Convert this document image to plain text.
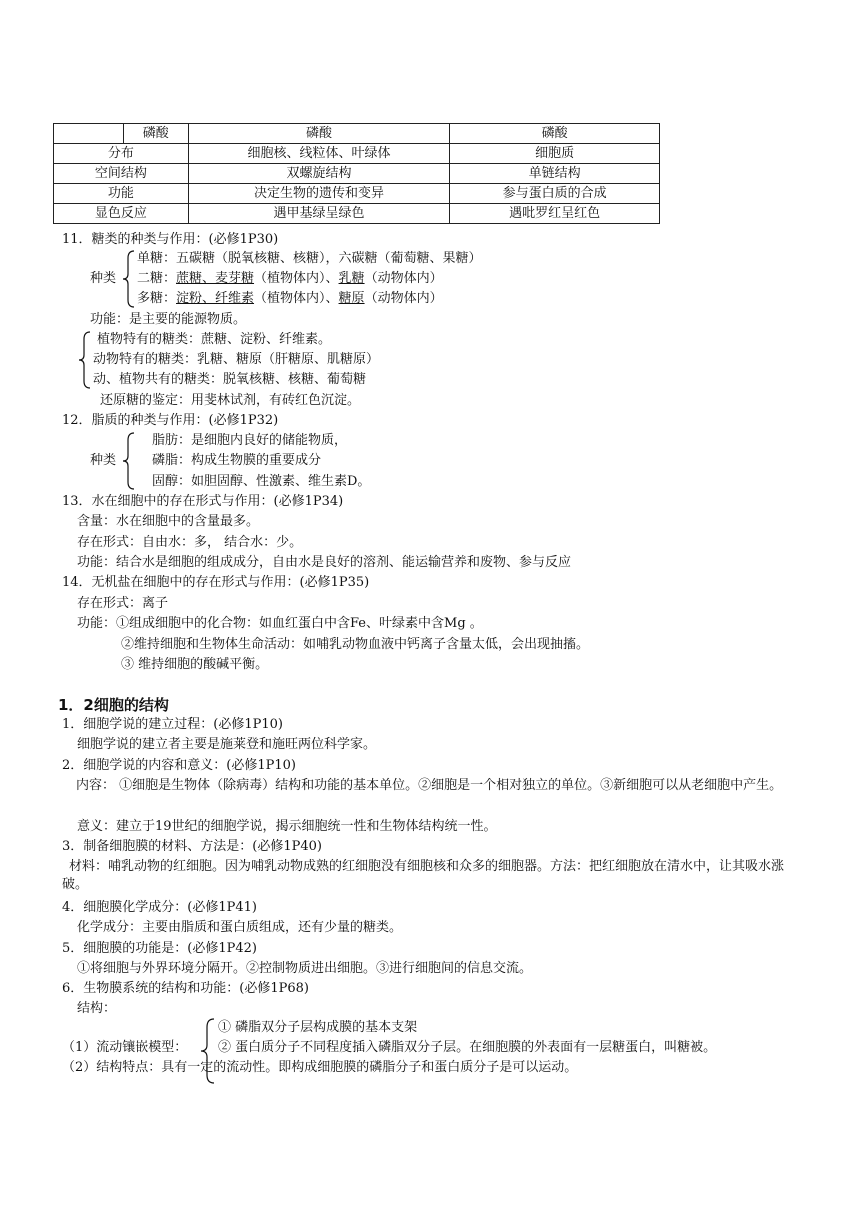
	磷酸	磷酸	磷酸
分布		细胞核、线粒体、叶绿体	细胞质
空间结构		双螺旋结构	单链结构
功能		决定生物的遗传和变异	参与蛋白质的合成
显色反应		遇甲基绿呈绿色	遇吡罗红呈红色
11．糖类的种类与作用：(必修1P30)
种类
单糖：五碳糖（脱氧核糖、核糖），六碳糖（葡萄糖、果糖）
二糖：蔗糖、麦芽糖（植物体内）、乳糖（动物体内）
多糖：淀粉、纤维素（植物体内）、糖原（动物体内）
功能：是主要的能源物质。
植物特有的糖类：蔗糖、淀粉、纤维素。
动物特有的糖类：乳糖、糖原（肝糖原、肌糖原）
动、植物共有的糖类：脱氧核糖、核糖、葡萄糖
还原糖的鉴定：用斐林试剂，有砖红色沉淀。
12．脂质的种类与作用：(必修1P32)
种类
脂肪：是细胞内良好的储能物质，
磷脂：构成生物膜的重要成分
固醇：如胆固醇、性激素、维生素D。
13．水在细胞中的存在形式与作用：(必修1P34)
含量：水在细胞中的含量最多。
存在形式：自由水：多， 结合水：少。
功能：结合水是细胞的组成成分，自由水是良好的溶剂、能运输营养和废物、参与反应
14．无机盐在细胞中的存在形式与作用：(必修1P35)
存在形式：离子
功能：①组成细胞中的化合物：如血红蛋白中含Fe、叶绿素中含Mg 。
②维持细胞和生物体生命活动：如哺乳动物血液中钙离子含量太低，会出现抽搐。
③ 维持细胞的酸碱平衡。
1．2细胞的结构
1．细胞学说的建立过程：(必修1P10)
细胞学说的建立者主要是施莱登和施旺两位科学家。
2．细胞学说的内容和意义：(必修1P10)
内容： ①细胞是生物体（除病毒）结构和功能的基本单位。②细胞是一个相对独立的单位。③新细胞可以从老细胞中产生。
意义：建立于19世纪的细胞学说，揭示细胞统一性和生物体结构统一性。
3．制备细胞膜的材料、方法是：(必修1P40)
材料：哺乳动物的红细胞。因为哺乳动物成熟的红细胞没有细胞核和众多的细胞器。方法：把红细胞放在清水中，让其吸水涨破。
4．细胞膜化学成分：(必修1P41)
化学成分：主要由脂质和蛋白质组成，还有少量的糖类。
5．细胞膜的功能是：(必修1P42)
①将细胞与外界环境分隔开。②控制物质进出细胞。③进行细胞间的信息交流。
6．生物膜系统的结构和功能：(必修1P68)
结构：
（1）流动镶嵌模型：
① 磷脂双分子层构成膜的基本支架
② 蛋白质分子不同程度插入磷脂双分子层。在细胞膜的外表面有一层糖蛋白，叫糖被。
（2）结构特点：具有一定的流动性。即构成细胞膜的磷脂分子和蛋白质分子是可以运动。
